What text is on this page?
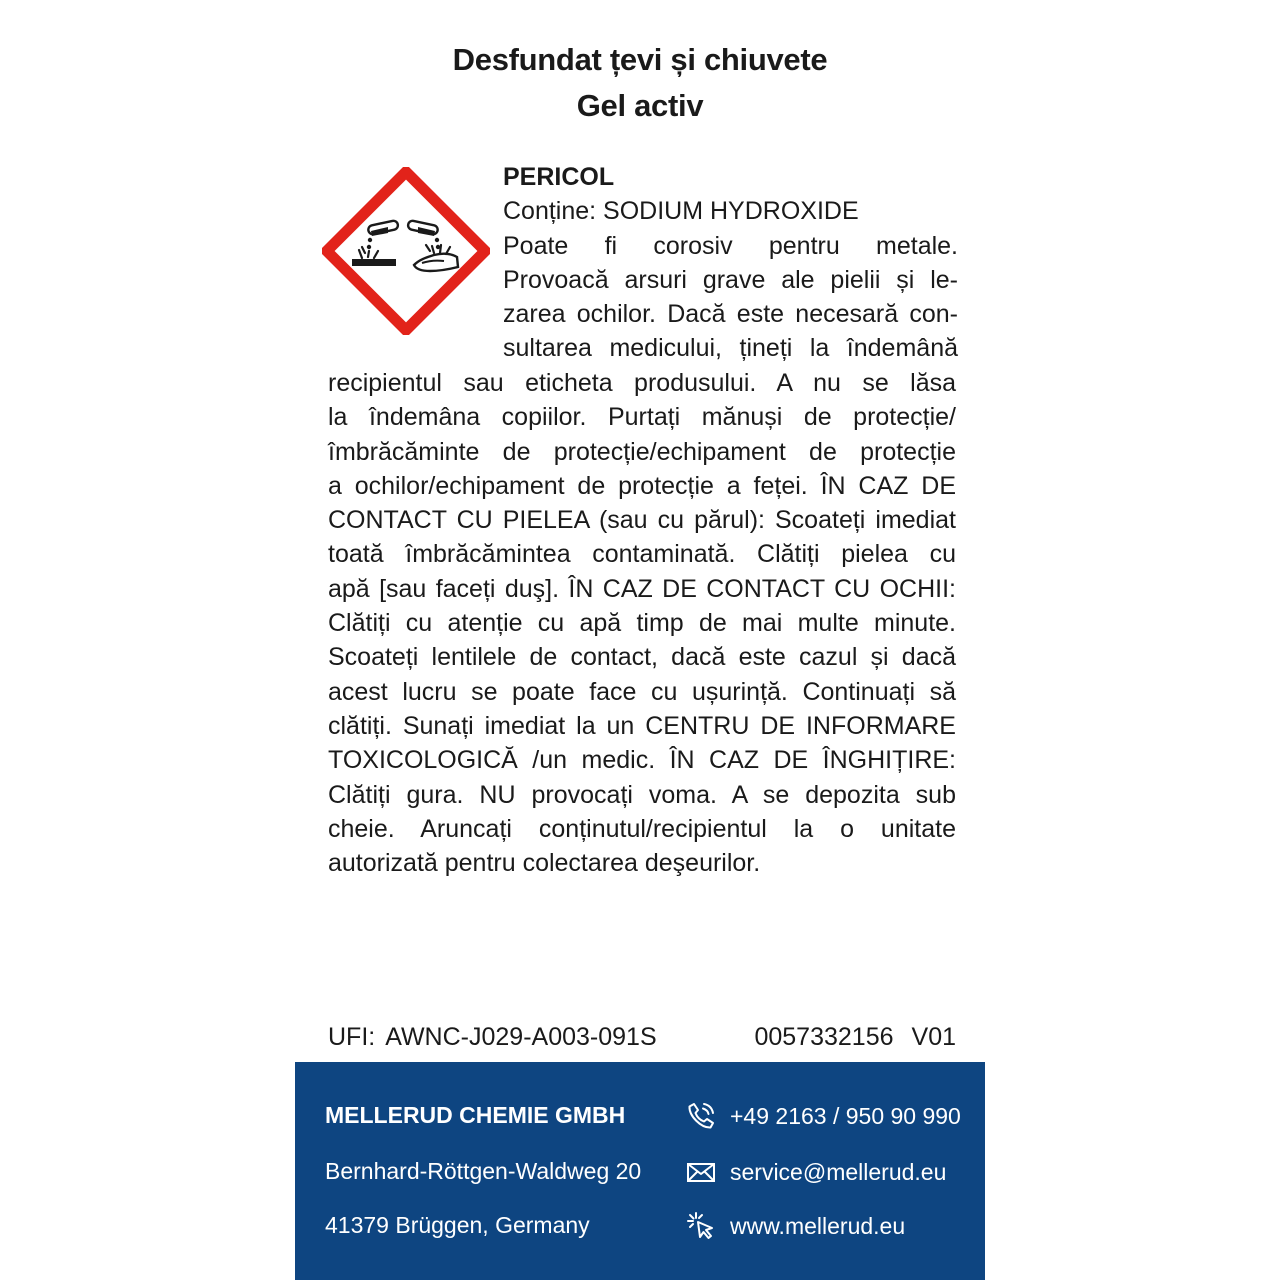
Desfundat țevi și chiuvete
Gel activ
PERICOL
Conține: SODIUM HYDROXIDE
Poate fi corosiv pentru metale.
Provoacă arsuri grave ale pielii și le-
zarea ochilor. Dacă este necesară con-
sultarea medicului, țineți la îndemână
recipientul sau eticheta produsului. A nu se lăsa
la îndemâna copiilor. Purtați mănuși de protecție/
îmbrăcăminte de protecție/echipament de protecție
a ochilor/echipament de protecție a feței. ÎN CAZ DE
CONTACT CU PIELEA (sau cu părul): Scoateți imediat
toată îmbrăcămintea contaminată. Clătiți pielea cu
apă [sau faceți duş]. ÎN CAZ DE CONTACT CU OCHII:
Clătiți cu atenție cu apă timp de mai multe minute.
Scoateți lentilele de contact, dacă este cazul și dacă
acest lucru se poate face cu ușurință. Continuați să
clătiți. Sunați imediat la un CENTRU DE INFORMARE
TOXICOLOGICĂ /un medic. ÎN CAZ DE ÎNGHIȚIRE:
Clătiți gura. NU provocați voma. A se depozita sub
cheie. Aruncați conținutul/recipientul la o unitate
autorizată pentru colectarea deşeurilor.
UFI: AWNC-J029-A003-091S	0057332156 V01
MELLERUD CHEMIE GMBH
Bernhard-Röttgen-Waldweg 20
41379 Brüggen, Germany
+49 2163 / 950 90 990
service@mellerud.eu
www.mellerud.eu
